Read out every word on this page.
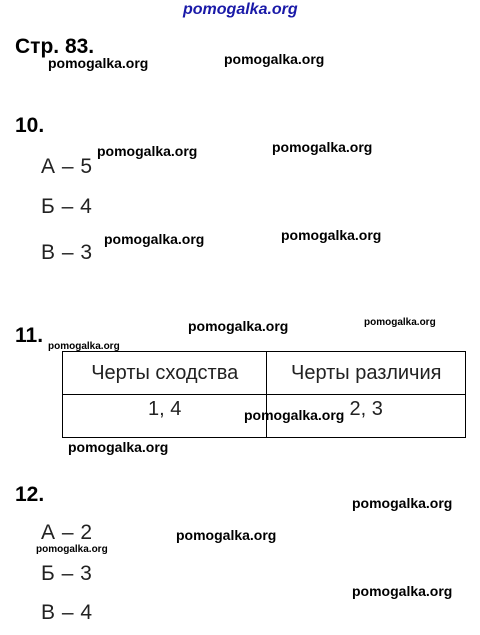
pomogalka.org
Стр. 83.
pomogalka.org	pomogalka.org
10.
pomogalka.org	pomogalka.org
А – 5
Б – 4
pomogalka.org	pomogalka.org
В – 3
11.	pomogalka.org	pomogalka.org
pomogalka.org
Черты сходства	Черты различия
1, 4	2, 3
pomogalka.org
pomogalka.org
12.	pomogalka.org
А – 2	pomogalka.org
pomogalka.org
Б – 3
pomogalka.org
В – 4
